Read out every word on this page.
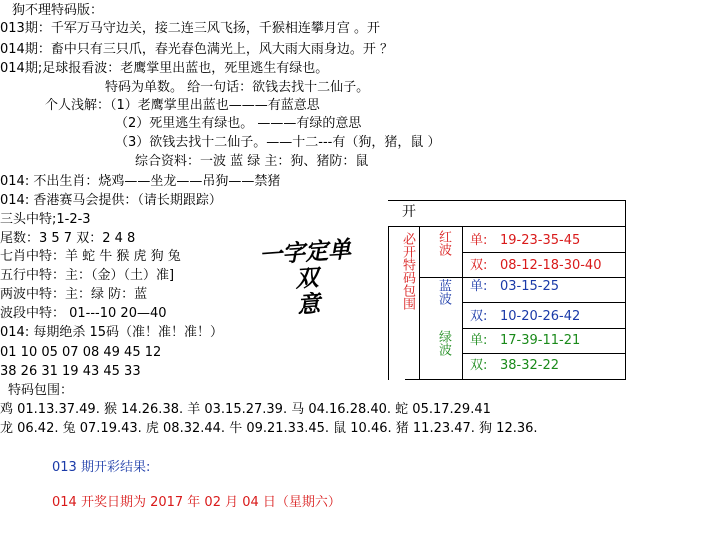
狗不理特码版：
013期：千军万马守边关，接二连三风飞扬，千猴相连攀月宫 。开
014期：畜中只有三只爪，春光春色满光上，风大雨大雨身边。开 ？
014期;足球报看波：老鹰掌里出蓝也，死里逃生有绿也。
特码为单数。 给一句话：欲钱去找十二仙子。
个人浅解：（1）老鹰掌里出蓝也———有蓝意思
（2）死里逃生有绿也。 ———有绿的意思
（3）欲钱去找十二仙子。——十二---有（狗，猪，鼠 ）
综合资料：一波 蓝 绿 主：狗、猪防：鼠
014: 不出生肖：烧鸡——坐龙——吊狗——禁猪
014: 香港赛马会提供：（请长期跟踪）
三头中特;1-2-3
尾数：3 5 7 双：2 4 8
七肖中特：羊 蛇 牛 猴 虎 狗 兔
五行中特：主：（金）（土）准]
两波中特：主：绿 防：蓝
波段中特： 01---10 20—40
014: 每期绝杀 15码（准！准！准！）
01 10 05 07 08 49 45 12
38 26 31 19 43 45 33
特码包围：
鸡 01.13.37.49. 猴 14.26.38. 羊 03.15.27.39. 马 04.16.28.40. 蛇 05.17.29.41
龙 06.42. 兔 07.19.43. 虎 08.32.44. 牛 09.21.33.45. 鼠 10.46. 猪 11.23.47. 狗 12.36.
013 期开彩结果:
014 开奖日期为 2017 年 02 月 04 日（星期六）
一字定单双
意
开
必开特码包围	红波
蓝波
绿波
单: 19-23-35-45
双: 08-12-18-30-40
单: 03-15-25
双: 10-20-26-42
单: 17-39-11-21
双: 38-32-22
